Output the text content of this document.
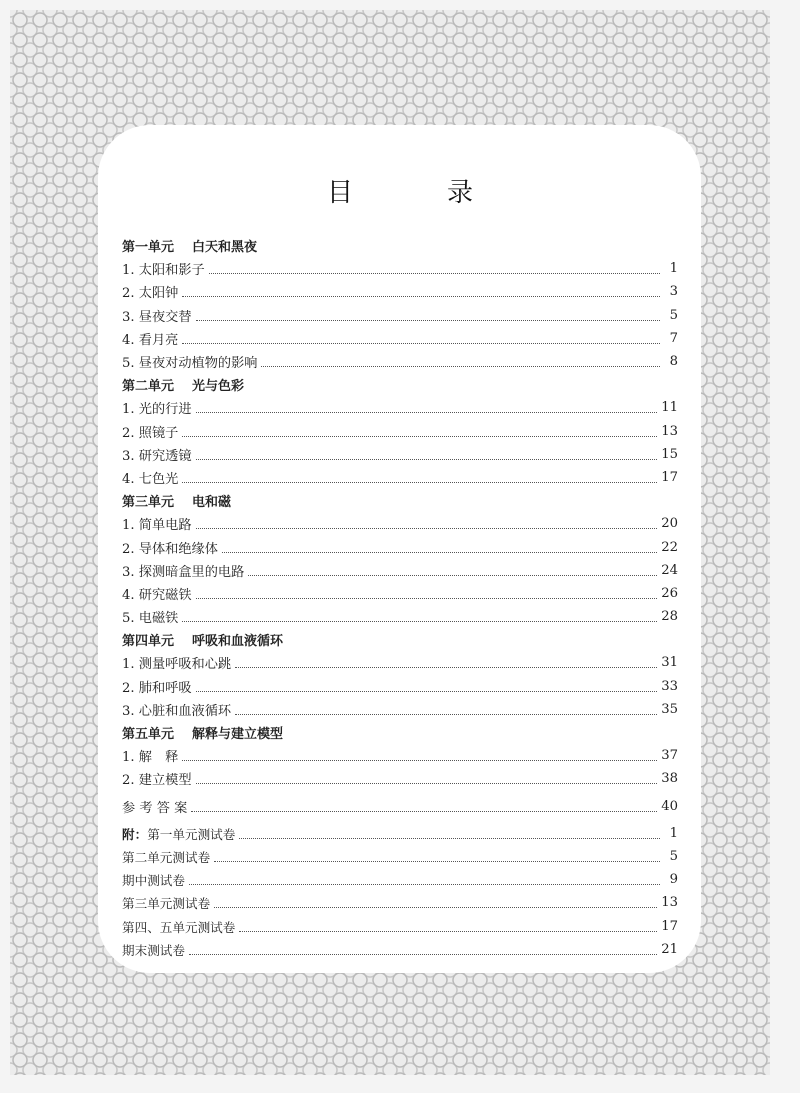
目　录
第一单元 白天和黑夜
1. 太阳和影子	1
2. 太阳钟	3
3. 昼夜交替	5
4. 看月亮	7
5. 昼夜对动植物的影响	8
第二单元 光与色彩
1. 光的行进	11
2. 照镜子	13
3. 研究透镜	15
4. 七色光	17
第三单元 电和磁
1. 简单电路	20
2. 导体和绝缘体	22
3. 探测暗盒里的电路	24
4. 研究磁铁	26
5. 电磁铁	28
第四单元 呼吸和血液循环
1. 测量呼吸和心跳	31
2. 肺和呼吸	33
3. 心脏和血液循环	35
第五单元 解释与建立模型
1. 解　释	37
2. 建立模型	38
参 考 答 案	40
附：第一单元测试卷	1
第二单元测试卷	5
期中测试卷	9
第三单元测试卷	13
第四、五单元测试卷	17
期末测试卷	21
